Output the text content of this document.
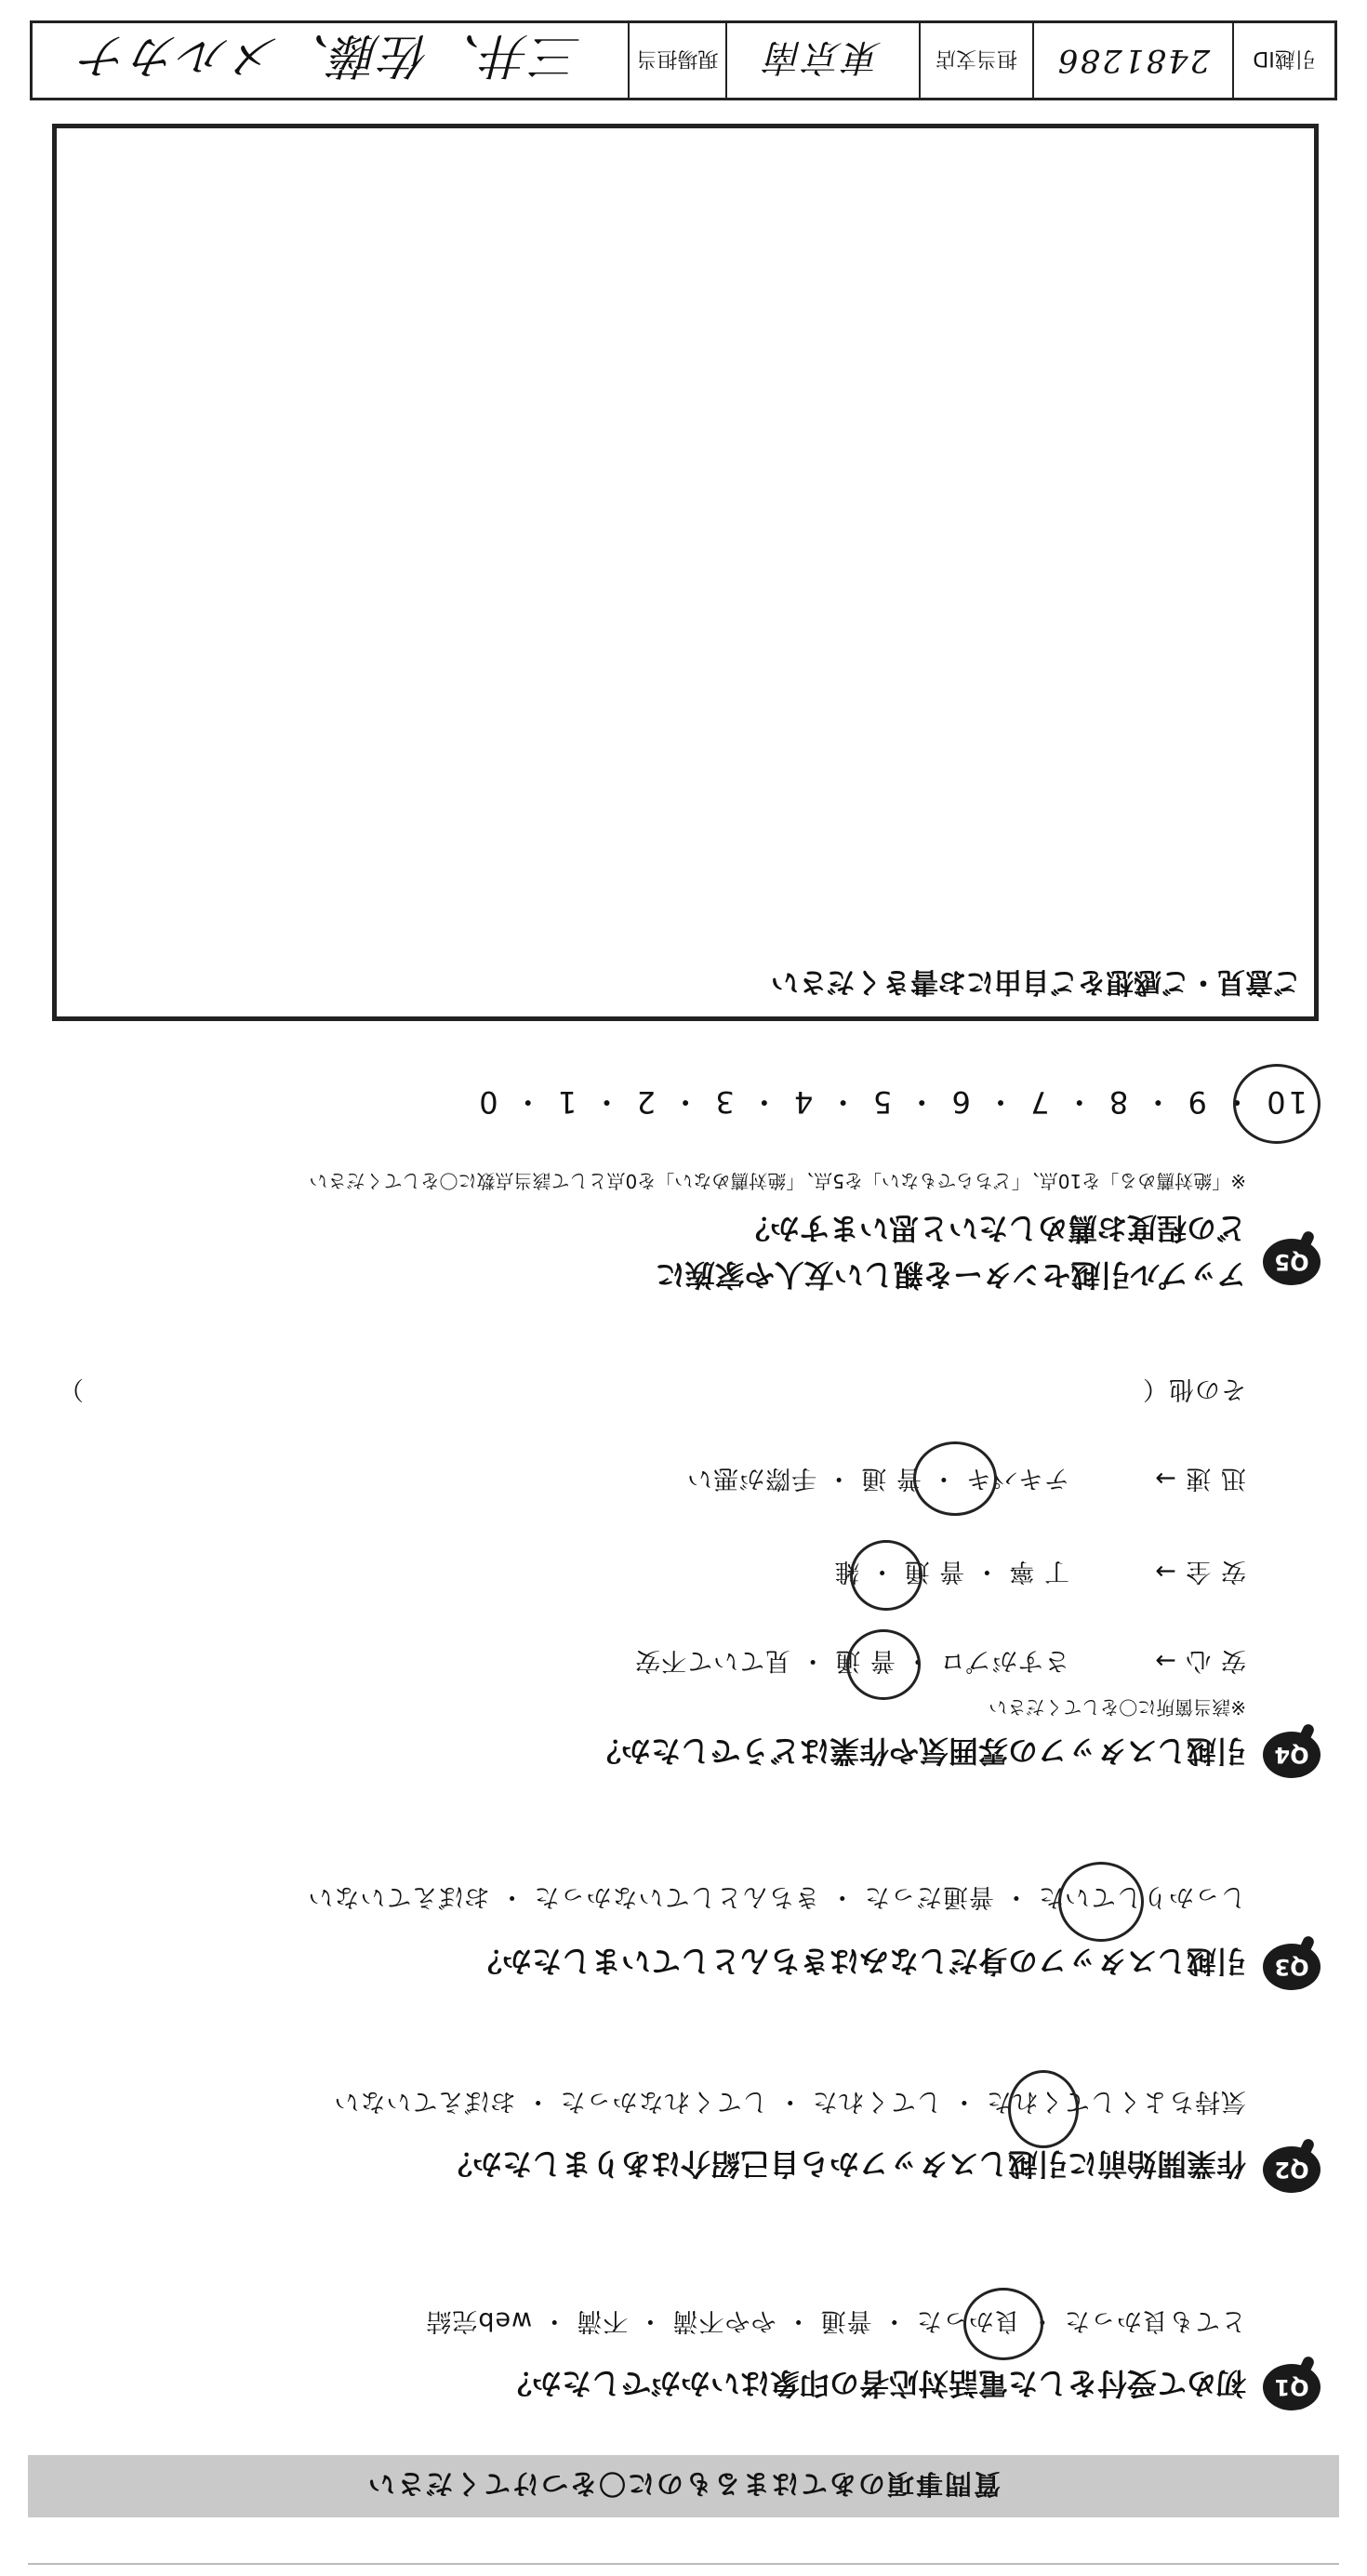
質問事項のあてはまるものに〇をつけてください
Q1
初めて受付をした電話対応者の印象はいかがでしたか？
とても良かった ・ 良かった ・ 普通 ・ やや不満 ・ 不満 ・ web完結
Q2
作業開始前に引越しスタッフから自己紹介はありましたか？
気持ちよくしてくれた ・ してくれた ・ してくれなかった ・ おぼえていない
Q3
引越しスタッフの身だしなみはきちんとしていましたか？
しっかりしていた ・ 普通だった ・ きちんとしていなかった ・ おぼえていない
Q4
引越しスタッフの雰囲気や作業はどうでしたか？
※該当箇所に〇をしてください
安 心 →
さすがプロ ・ 普 通 ・ 見ていて不安
安 全 →
丁 寧 ・ 普 通 ・ 雑
迅 速 →
テキパキ ・ 普 通 ・ 手際が悪い
その他（
）
Q5
アップル引越センターを親しい友人や家族に
どの程度お薦めしたいと思いますか？
※「絶対薦める」を10点、「どちらでもない」を5点、「絶対薦めない」を0点として該当点数に〇をしてください
10 ・ 9 ・ 8 ・ 7 ・ 6 ・ 5 ・ 4 ・ 3 ・ 2 ・ 1 ・ 0
ご意見・ご感想をご自由にお書きください
引越ID
2481286
担当支店
東京南
現場担当
三井、佐藤、メルカナ
